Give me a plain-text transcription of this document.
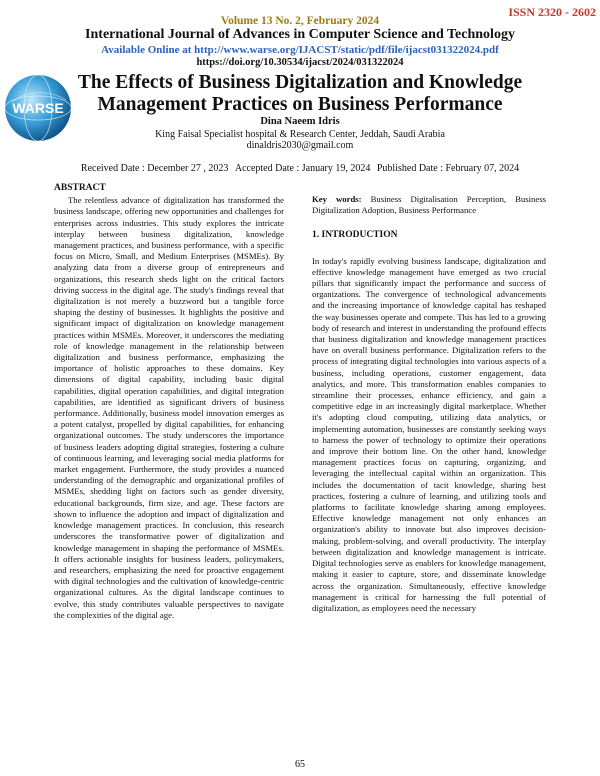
ISSN 2320 - 2602
Volume 13 No. 2, February 2024
International Journal of Advances in Computer Science and Technology
Available Online at http://www.warse.org/IJACST/static/pdf/file/ijacst031322024.pdf
https://doi.org/10.30534/ijacst/2024/031322024
WARSE
The Effects of Business Digitalization and Knowledge
Management Practices on Business Performance
Dina Naeem Idris
King Faisal Specialist hospital & Research Center, Jeddah, Saudi Arabia
dinaldris2030@gmail.com
Received Date : December 27 , 2023 Accepted Date : January 19, 2024 Published Date : February 07, 2024
ABSTRACT

The relentless advance of digitalization has transformed the business landscape, offering new opportunities and challenges for enterprises across industries. This study explores the intricate interplay between business digitalization, knowledge management practices, and business performance, with a specific focus on Micro, Small, and Medium Enterprises (MSMEs). By analyzing data from a diverse group of entrepreneurs and organizations, this research sheds light on the critical factors driving success in the digital age. The study's findings reveal that digitalization is not merely a buzzword but a tangible force shaping the destiny of businesses. It highlights the positive and significant impact of digitalization on knowledge management practices within MSMEs. Moreover, it underscores the mediating role of knowledge management in the relationship between digitalization and business performance, emphasizing the importance of holistic approaches to these domains. Key dimensions of digital capability, including basic digital capabilities, digital operation capabilities, and digital integration capabilities, are identified as significant drivers of business performance. Additionally, business model innovation emerges as a potent catalyst, propelled by digital capabilities, for enhancing organizational outcomes. The study underscores the importance of business leaders adopting digital strategies, fostering a culture of continuous learning, and leveraging social media platforms for market engagement. Furthermore, the study provides a nuanced understanding of the demographic and organizational profiles of MSMEs, shedding light on factors such as gender diversity, educational backgrounds, firm size, and age. These factors are shown to influence the adoption and impact of digitalization and knowledge management practices. In conclusion, this research underscores the transformative power of digitalization and knowledge management in shaping the performance of MSMEs. It offers actionable insights for business leaders, policymakers, and researchers, emphasizing the need for proactive engagement with digital technologies and the cultivation of knowledge-centric organizational cultures. As the digital landscape continues to evolve, this study contributes valuable perspectives to navigate the complexities of the digital age.

Key words: Business Digitalisation Perception, Business Digitalization Adoption, Business Performance

1. INTRODUCTION

In today's rapidly evolving business landscape, digitalization and effective knowledge management have emerged as two crucial pillars that significantly impact the performance and success of organizations. The convergence of technological advancements and the increasing importance of knowledge capital has reshaped the way businesses operate and compete. This has led to a growing body of research and interest in understanding the profound effects that business digitalization and knowledge management practices have on overall business performance. Digitalization refers to the process of integrating digital technologies into various aspects of a business, including operations, customer engagement, data analytics, and more. This transformation enables companies to streamline their processes, enhance efficiency, and gain a competitive edge in an increasingly digital marketplace. Whether it's adopting cloud computing, utilizing data analytics, or implementing automation, businesses are constantly seeking ways to harness the power of technology to optimize their operations and improve their bottom line. On the other hand, knowledge management practices focus on capturing, organizing, and leveraging the intellectual capital within an organization. This includes the documentation of tacit knowledge, sharing best practices, fostering a culture of learning, and utilizing tools and platforms to facilitate knowledge sharing among employees. Effective knowledge management not only enhances an organization's ability to innovate but also improves decision-making, problem-solving, and overall productivity. The interplay between digitalization and knowledge management is intricate. Digital technologies serve as enablers for knowledge management, making it easier to capture, store, and disseminate knowledge across the organization. Simultaneously, effective knowledge management is critical for harnessing the full potential of digitalization, as employees need the necessary

65
